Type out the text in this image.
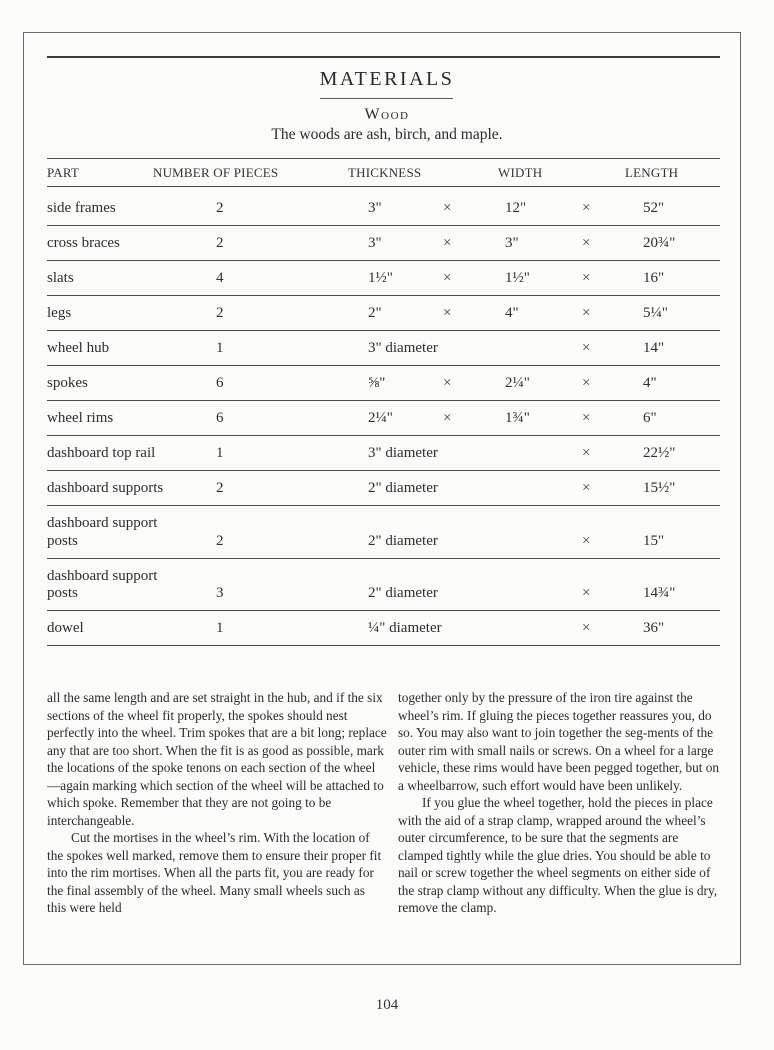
MATERIALS
Wood
The woods are ash, birch, and maple.
PART	NUMBER OF PIECES	THICKNESS	WIDTH	LENGTH
side frames	2	3"	×	12"	×	52"
cross braces	2	3"	×	3"	×	20¾"
slats	4	1½"	×	1½"	×	16"
legs	2	2"	×	4"	×	5¼"
wheel hub	1	3" diameter	×	14"
spokes	6	⅝"	×	2¼"	×	4"
wheel rims	6	2¼"	×	1¾"	×	6"
dashboard top rail	1	3" diameter	×	22½"
dashboard supports	2	2" diameter	×	15½"
dashboard support
posts	2	2" diameter	×	15"
dashboard support
posts	3	2" diameter	×	14¾"
dowel	1	¼" diameter	×	36"

all the same length and are set straight in the hub, and if the six sections of the wheel fit properly, the spokes should nest perfectly into the wheel. Trim spokes that are a bit long; replace any that are too short. When the fit is as good as possible, mark the locations of the spoke tenons on each section of the wheel—again marking which section of the wheel will be attached to which spoke. Remember that they are not going to be interchangeable.

Cut the mortises in the wheel’s rim. With the location of the spokes well marked, remove them to ensure their proper fit into the rim mortises. When all the parts fit, you are ready for the final assembly of the wheel. Many small wheels such as this were held

together only by the pressure of the iron tire against the wheel’s rim. If gluing the pieces together reassures you, do so. You may also want to join together the seg-ments of the outer rim with small nails or screws. On a wheel for a large vehicle, these rims would have been pegged together, but on a wheelbarrow, such effort would have been unlikely.

If you glue the wheel together, hold the pieces in place with the aid of a strap clamp, wrapped around the wheel’s outer circumference, to be sure that the segments are clamped tightly while the glue dries. You should be able to nail or screw together the wheel segments on either side of the strap clamp without any difficulty. When the glue is dry, remove the clamp.

104
